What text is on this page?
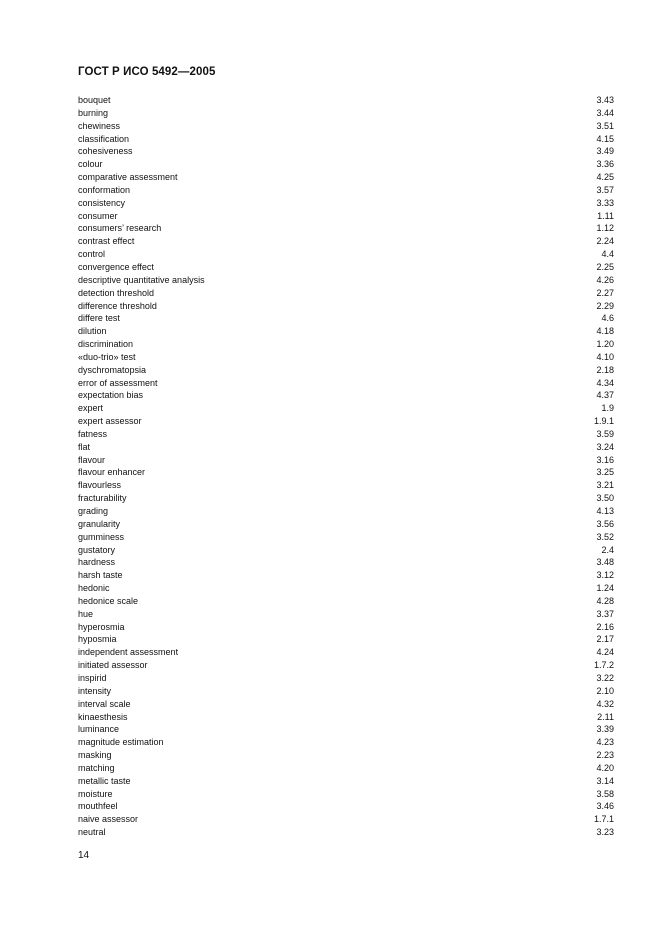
ГОСТ Р ИСО 5492—2005
bouquet	3.43
burning	3.44
chewiness	3.51
classification	4.15
cohesiveness	3.49
colour	3.36
comparative assessment	4.25
conformation	3.57
consistency	3.33
consumer	1.11
consumers’ research	1.12
contrast effect	2.24
control	4.4
convergence effect	2.25
descriptive quantitative analysis	4.26
detection threshold	2.27
difference threshold	2.29
differe test	4.6
dilution	4.18
discrimination	1.20
«duo-trio» test	4.10
dyschromatopsia	2.18
error of assessment	4.34
expectation bias	4.37
expert	1.9
expert assessor	1.9.1
fatness	3.59
flat	3.24
flavour	3.16
flavour enhancer	3.25
flavourless	3.21
fracturability	3.50
grading	4.13
granularity	3.56
gumminess	3.52
gustatory	2.4
hardness	3.48
harsh taste	3.12
hedonic	1.24
hedonice scale	4.28
hue	3.37
hyperosmia	2.16
hyposmia	2.17
independent assessment	4.24
initiated assessor	1.7.2
inspirid	3.22
intensity	2.10
interval scale	4.32
kinaesthesis	2.11
luminance	3.39
magnitude estimation	4.23
masking	2.23
matching	4.20
metallic taste	3.14
moisture	3.58
mouthfeel	3.46
naive assessor	1.7.1
neutral	3.23
14
